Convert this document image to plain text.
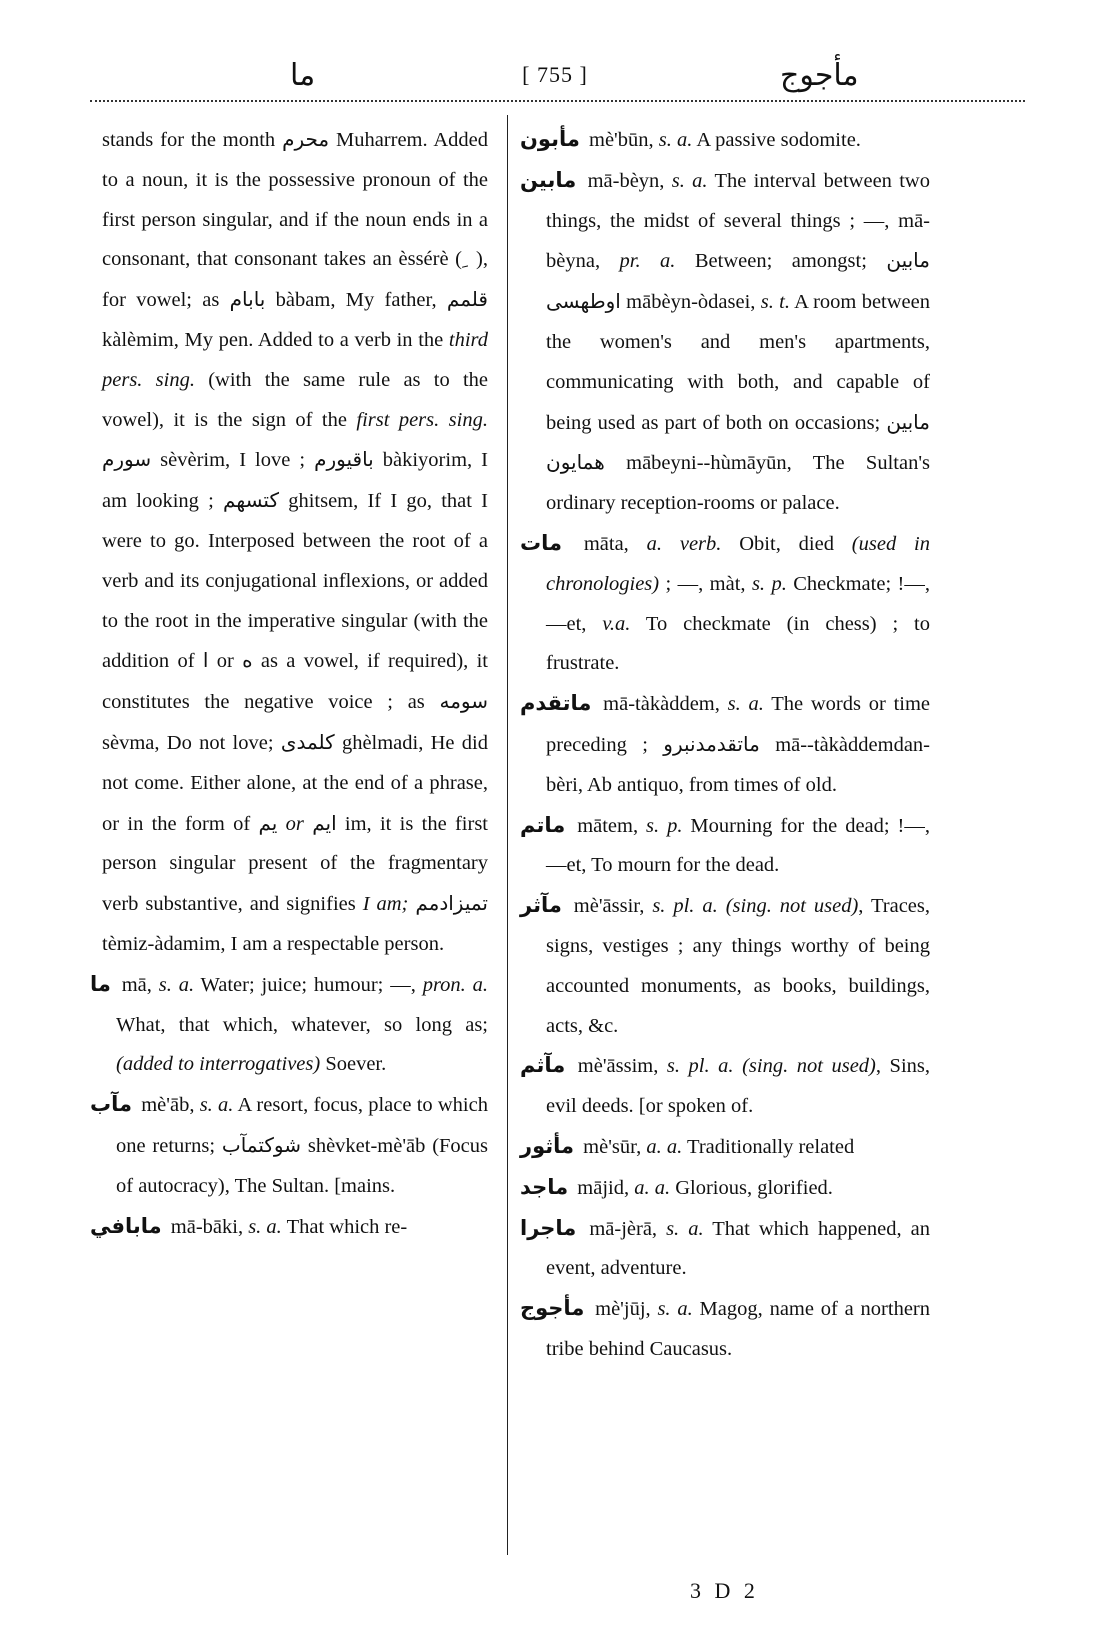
ما	[ 755 ]	مأجوج

stands for the month محرم Muharrem. Added to a noun, it is the possessive pronoun of the first person singular, and if the noun ends in a consonant, that consonant takes an èssérè ( ِ ), for vowel; as بابام bàbam, My father, قلمم kàlèmim, My pen. Added to a verb in the third pers. sing. (with the same rule as to the vowel), it is the sign of the first pers. sing. سورم sèvèrim, I love ; باقيورم bàkiyorim, I am looking ; كتسهم ghitsem, If I go, that I were to go. Interposed between the root of a verb and its conjugational inflexions, or added to the root in the imperative singular (with the addition of ا or ه as a vowel, if required), it constitutes the negative voice ; as سومه sèvma, Do not love; كلمدى ghèlmadi, He did not come. Either alone, at the end of a phrase, or in the form of يم or ايم im, it is the first person singular present of the fragmentary verb substantive, and signifies I am; تميزادمم tèmiz-àdamim, I am a respectable person.

ما mā, s. a. Water; juice; humour; —, pron. a. What, that which, whatever, so long as; (added to interrogatives) Soever.

مآب mè'āb, s. a. A resort, focus, place to which one returns; شوكتمآب shèvket-mè'āb (Focus of autocracy), The Sultan. [mains.

مابافي mā-bāki, s. a. That which re-

مأبون mè'būn, s. a. A passive sodomite.

مابين mā-bèyn, s. a. The interval between two things, the midst of several things ; —, mā-bèyna, pr. a. Between; amongst; مابين اوطهسى mābèyn-òdasei, s. t. A room between the women's and men's apartments, communicating with both, and capable of being used as part of both on occasions; مابين همايون mābeyni--hùmāyūn, The Sultan's ordinary reception-rooms or palace.

مات māta, a. verb. Obit, died (used in chronologies) ; —, màt, s. p. Checkmate; !—, —et, v.a. To checkmate (in chess) ; to frustrate.

ماتقدم mā-tàkàddem, s. a. The words or time preceding ; ماتقدمدنبرو mā--tàkàddemdan-bèri, Ab antiquo, from times of old.

ماتم mātem, s. p. Mourning for the dead; !—, —et, To mourn for the dead.

مآثر mè'āssir, s. pl. a. (sing. not used), Traces, signs, vestiges ; any things worthy of being accounted monuments, as books, buildings, acts, &c.

مآثم mè'āssim, s. pl. a. (sing. not used), Sins, evil deeds. [or spoken of.

مأثور mè'sūr, a. a. Traditionally related

ماجد mājid, a. a. Glorious, glorified.

ماجرا mā-jèrā, s. a. That which happened, an event, adventure.

مأجوج mè'jūj, s. a. Magog, name of a northern tribe behind Caucasus.

3 D 2
